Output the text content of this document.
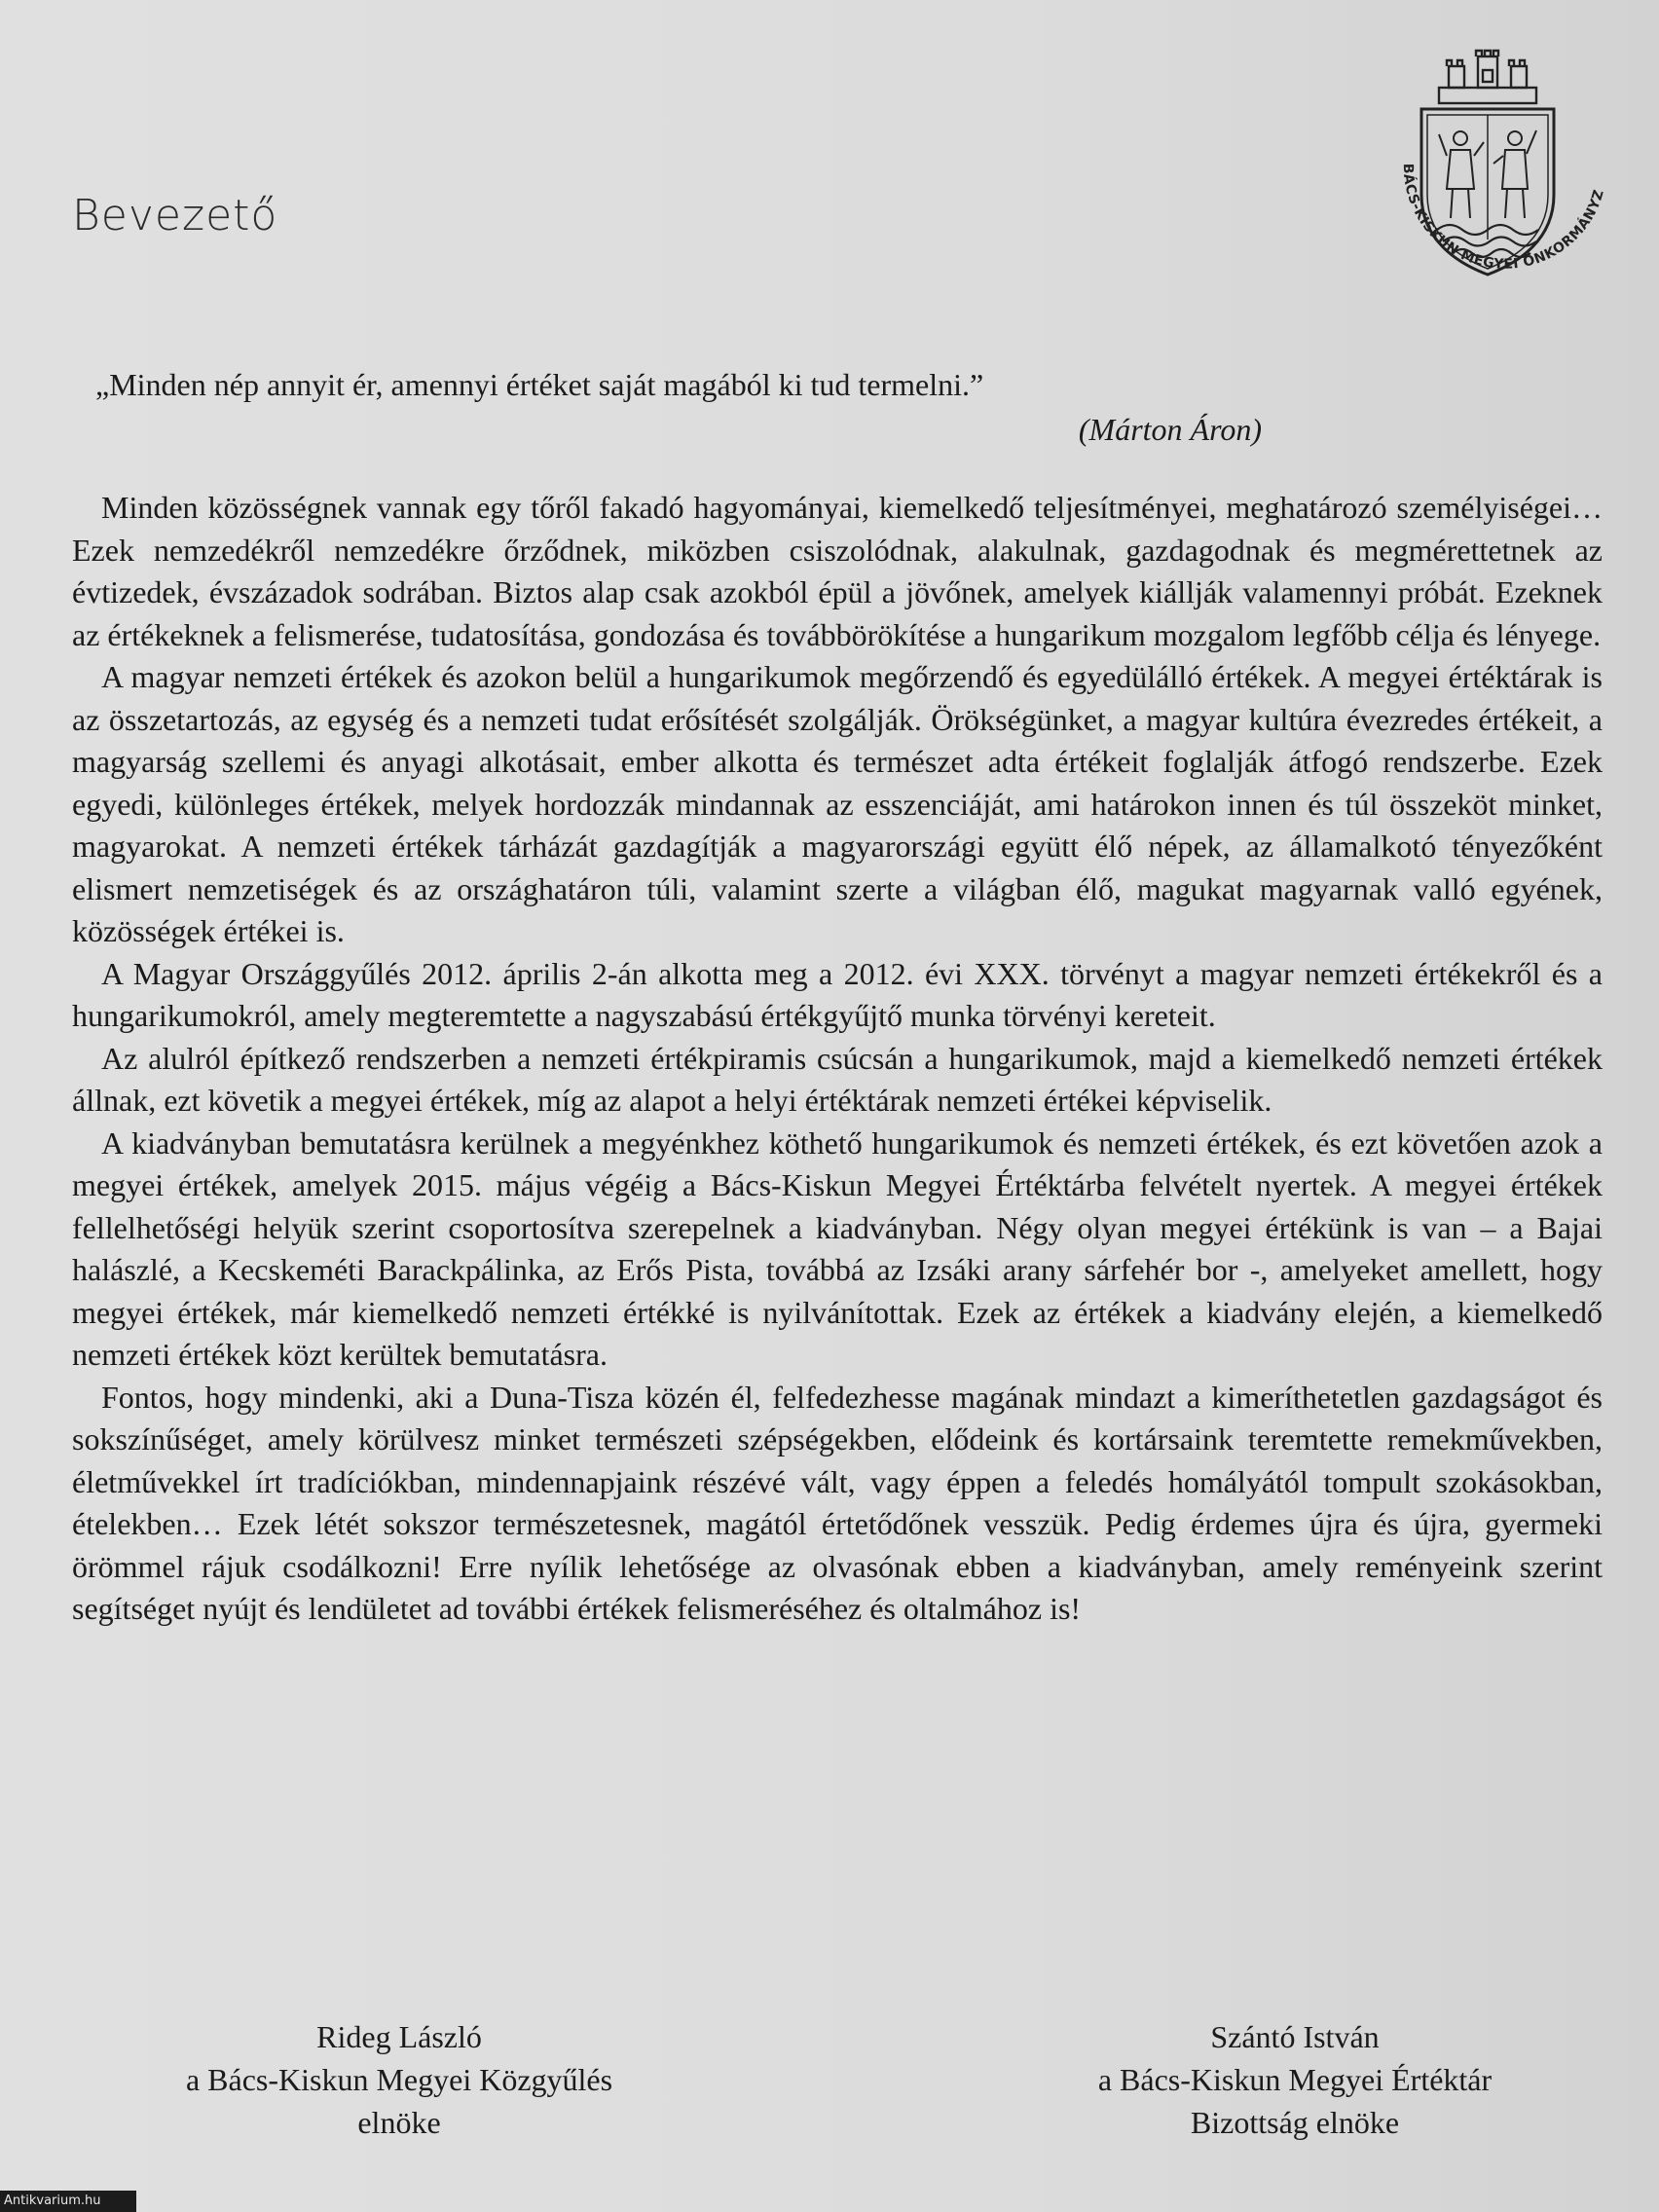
Bevezető
BÁCS-KISKUN MEGYEI ÖNKORMÁNYZ
„Minden nép annyit ér, amennyi értéket saját magából ki tud termelni.”
(Márton Áron)

Minden közösségnek vannak egy tőről fakadó hagyományai, kiemelkedő teljesítményei, meghatározó személyiségei… Ezek nemzedékről nemzedékre őrződnek, miközben csiszolódnak, alakulnak, gazdagodnak és megmérettetnek az évtizedek, évszázadok sodrában. Biztos alap csak azokból épül a jövőnek, amelyek kiállják valamennyi próbát. Ezeknek az értékeknek a felismerése, tudatosítása, gondozása és továbbörökítése a hungarikum mozgalom legfőbb célja és lényege.

A magyar nemzeti értékek és azokon belül a hungarikumok megőrzendő és egyedülálló értékek. A megyei értéktárak is az összetartozás, az egység és a nemzeti tudat erősítését szolgálják. Örökségünket, a magyar kultúra évezredes értékeit, a magyarság szellemi és anyagi alkotásait, ember alkotta és természet adta értékeit foglalják átfogó rendszerbe. Ezek egyedi, különleges értékek, melyek hordozzák mindannak az esszenciáját, ami határokon innen és túl összeköt minket, magyarokat. A nemzeti értékek tárházát gazdagítják a magyarországi együtt élő népek, az államalkotó tényezőként elismert nemzetiségek és az országhatáron túli, valamint szerte a világban élő, magukat magyarnak valló egyének, közösségek értékei is.

A Magyar Országgyűlés 2012. április 2-án alkotta meg a 2012. évi XXX. törvényt a magyar nemzeti értékekről és a hungarikumokról, amely megteremtette a nagyszabású értékgyűjtő munka törvényi kereteit.

Az alulról építkező rendszerben a nemzeti értékpiramis csúcsán a hungarikumok, majd a kiemelkedő nemzeti értékek állnak, ezt követik a megyei értékek, míg az alapot a helyi értéktárak nemzeti értékei képviselik.

A kiadványban bemutatásra kerülnek a megyénkhez köthető hungarikumok és nemzeti értékek, és ezt követően azok a megyei értékek, amelyek 2015. május végéig a Bács-Kiskun Megyei Értéktárba felvételt nyertek. A megyei értékek fellelhetőségi helyük szerint csoportosítva szerepelnek a kiadványban. Négy olyan megyei értékünk is van – a Bajai halászlé, a Kecskeméti Barackpálinka, az Erős Pista, továbbá az Izsáki arany sárfehér bor -, amelyeket amellett, hogy megyei értékek, már kiemelkedő nemzeti értékké is nyilvánítottak. Ezek az értékek a kiadvány elején, a kiemelkedő nemzeti értékek közt kerültek bemutatásra.

Fontos, hogy mindenki, aki a Duna-Tisza közén él, felfedezhesse magának mindazt a kimeríthetetlen gazdagságot és sokszínűséget, amely körülvesz minket természeti szépségekben, elődeink és kortársaink teremtette remekművekben, életművekkel írt tradíciókban, mindennapjaink részévé vált, vagy éppen a feledés homályától tompult szokásokban, ételekben… Ezek létét sokszor természetesnek, magától értetődőnek vesszük. Pedig érdemes újra és újra, gyermeki örömmel rájuk csodálkozni! Erre nyílik lehetősége az olvasónak ebben a kiadványban, amely reményeink szerint segítséget nyújt és lendületet ad további értékek felismeréséhez és oltalmához is!

Rideg László
a Bács-Kiskun Megyei Közgyűlés
elnöke
Szántó István
a Bács-Kiskun Megyei Értéktár
Bizottság elnöke
Antikvarium.hu
